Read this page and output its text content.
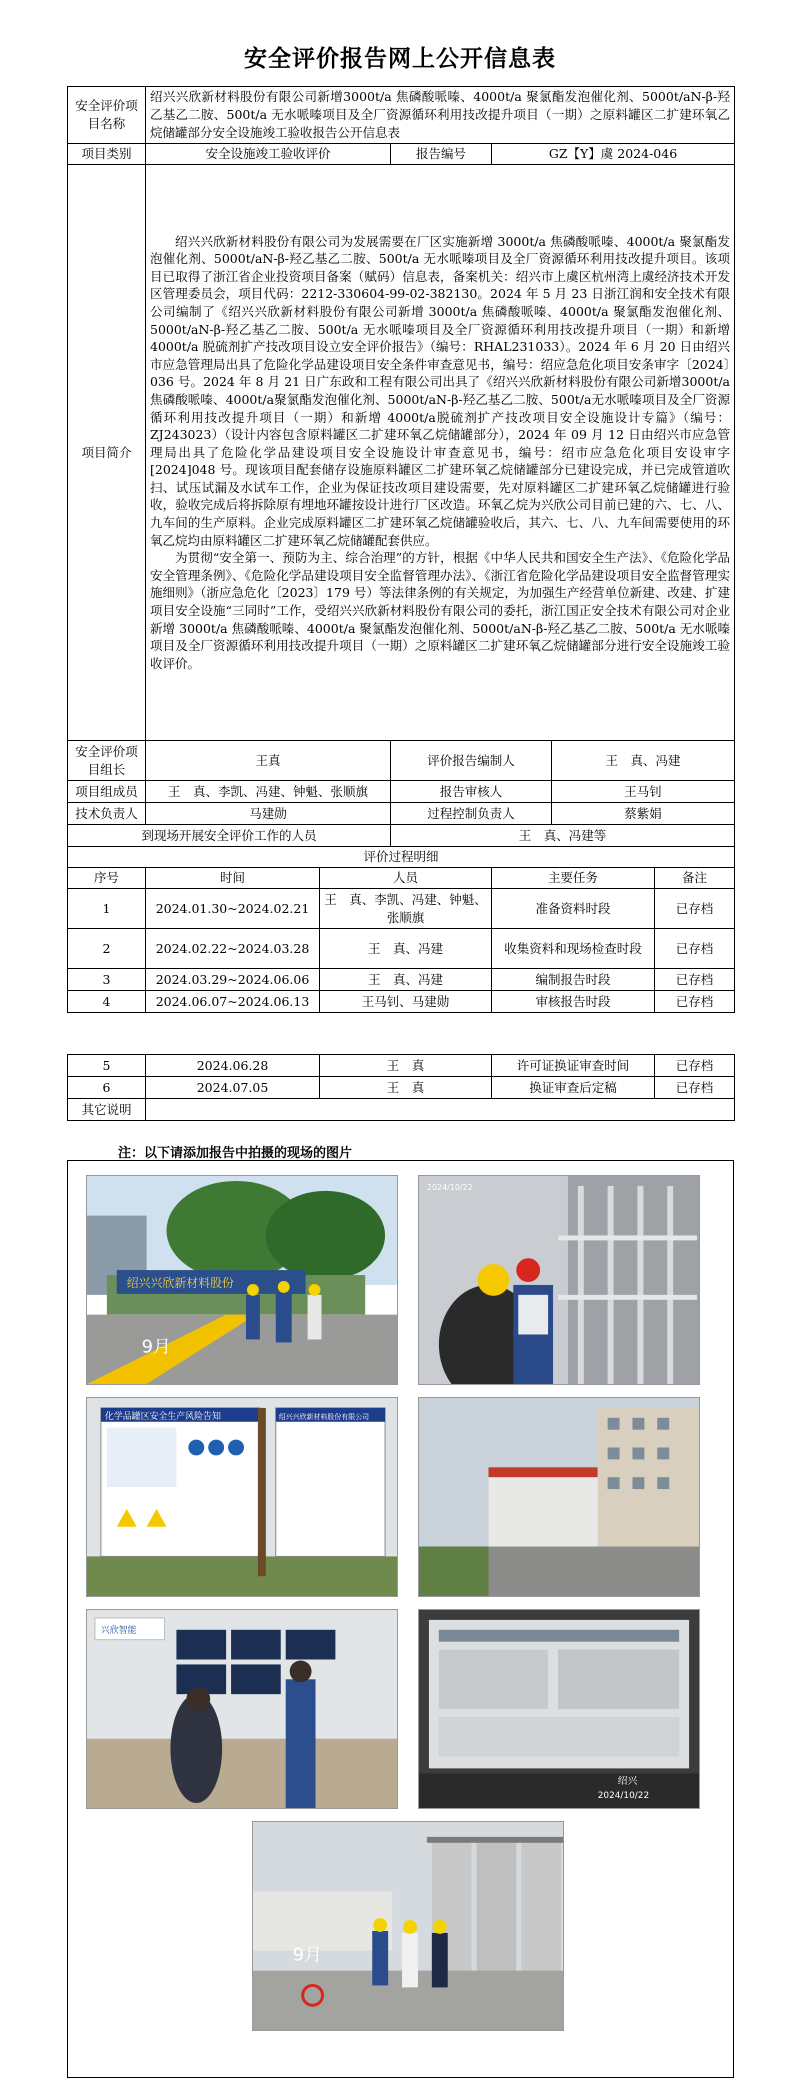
安全评价报告网上公开信息表
安全评价项目名称	绍兴兴欣新材料股份有限公司新增3000t/a 焦磷酸哌嗪、4000t/a 聚氯酯发泡催化剂、5000t/aN-β-羟乙基乙二胺、500t/a 无水哌嗪项目及全厂资源循环利用技改提升项目（一期）之原料罐区二扩建环氧乙烷储罐部分安全设施竣工验收报告公开信息表					
项目类别	安全设施竣工验收评价		报告编号	GZ【Y】虞 2024-046		
项目简介	绍兴兴欣新材料股份有限公司为发展需要在厂区实施新增 3000t/a 焦磷酸哌嗪、4000t/a 聚氯酯发泡催化剂、5000t/aN-β-羟乙基乙二胺、500t/a 无水哌嗪项目及全厂资源循环利用技改提升项目。该项目已取得了浙江省企业投资项目备案（赋码）信息表，备案机关：绍兴市上虞区杭州湾上虞经济技术开发区管理委员会，项目代码：2212-330604-99-02-382130。2024 年 5 月 23 日浙江润和安全技术有限公司编制了《绍兴兴欣新材料股份有限公司新增 3000t/a 焦磷酸哌嗪、4000t/a 聚氯酯发泡催化剂、5000t/aN-β-羟乙基乙二胺、500t/a 无水哌嗪项目及全厂资源循环利用技改提升项目（一期）和新增 4000t/a 脱硫剂扩产技改项目设立安全评价报告》（编号：RHAL231033）。2024 年 6 月 20 日由绍兴市应急管理局出具了危险化学品建设项目安全条件审查意见书，编号：绍应急危化项目安条审字〔2024〕036 号。2024 年 8 月 21 日广东政和工程有限公司出具了《绍兴兴欣新材料股份有限公司新增3000t/a焦磷酸哌嗪、4000t/a聚氯酯发泡催化剂、5000t/aN-β-羟乙基乙二胺、500t/a无水哌嗪项目及全厂资源循环利用技改提升项目（一期）和新增 4000t/a脱硫剂扩产技改项目安全设施设计专篇》（编号：ZJ243023）（设计内容包含原料罐区二扩建环氧乙烷储罐部分），2024 年 09 月 12 日由绍兴市应急管理局出具了危险化学品建设项目安全设施设计审查意见书，编号：绍市应急危化项目安设审字 [2024]048 号。现该项目配套储存设施原料罐区二扩建环氧乙烷储罐部分已建设完成，并已完成管道吹扫、试压试漏及水试车工作，企业为保证技改项目建设需要，先对原料罐区二扩建环氧乙烷储罐进行验收，验收完成后将拆除原有埋地环罐按设计进行厂区改造。环氧乙烷为兴欣公司目前已建的六、七、八、九车间的生产原料。企业完成原料罐区二扩建环氧乙烷储罐验收后，其六、七、八、九车间需要使用的环氧乙烷均由原料罐区二扩建环氧乙烷储罐配套供应。

为贯彻“安全第一、预防为主、综合治理”的方针，根据《中华人民共和国安全生产法》、《危险化学品安全管理条例》、《危险化学品建设项目安全监督管理办法》、《浙江省危险化学品建设项目安全监督管理实施细则》（浙应急危化〔2023〕179 号）等法律条例的有关规定，为加强生产经营单位新建、改建、扩建项目安全设施“三同时”工作，受绍兴兴欣新材料股份有限公司的委托，浙江国正安全技术有限公司对企业新增 3000t/a 焦磷酸哌嗪、4000t/a 聚氯酯发泡催化剂、5000t/aN-β-羟乙基乙二胺、500t/a 无水哌嗪项目及全厂资源循环利用技改提升项目（一期）之原料罐区二扩建环氧乙烷储罐部分进行安全设施竣工验收评价。					

安全评价项目组长	王真		评价报告编制人		王　真、冯建	
项目组成员	王　真、李凯、冯建、钟魁、张顺旗		报告审核人		王马钊	
技术负责人	马建勋		过程控制负责人		蔡紫娟	
到现场开展安全评价工作的人员			王　真、冯建等			
评价过程明细						
序号	时间	人员		主要任务		备注
1	2024.01.30~2024.02.21	王　真、李凯、冯建、钟魁、张顺旗		准备资料时段		已存档
2	2024.02.22~2024.03.28	王　真、冯建		收集资料和现场检查时段		已存档
3	2024.03.29~2024.06.06	王　真、冯建		编制报告时段		已存档
4	2024.06.07~2024.06.13	王马钊、马建勋		审核报告时段		已存档
5	2024.06.28	王　真	许可证换证审查时间	已存档
6	2024.07.05	王　真	换证审查后定稿	已存档
其它说明				
注：以下请添加报告中拍摄的现场的图片
绍兴兴欣新材料股份
9月
2024/10/22
化学品罐区安全生产风险告知	绍兴兴欣新材料股份有限公司
兴欣智能
绍兴
2024/10/22
9月
